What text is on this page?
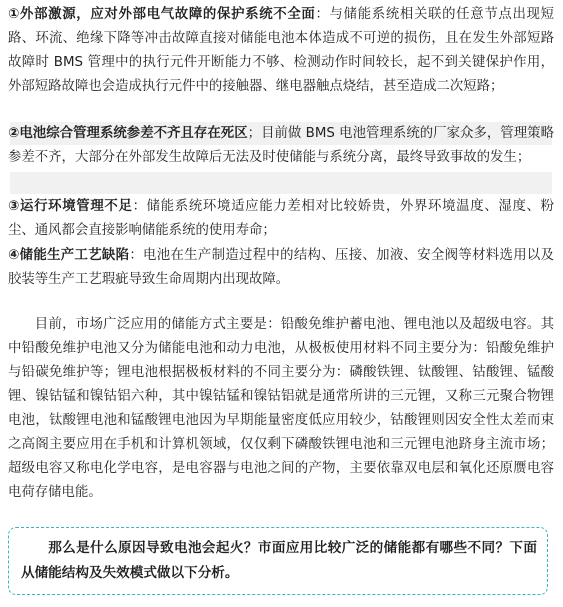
①外部激源，应对外部电气故障的保护系统不全面：与储能系统相关联的任意节点出现短路、环流、绝缘下降等冲击故障直接对储能电池本体造成不可逆的损伤，且在发生外部短路故障时 BMS 管理中的执行元件开断能力不够、检测动作时间较长，起不到关键保护作用，外部短路故障也会造成执行元件中的接触器、继电器触点烧结，甚至造成二次短路；

②电池综合管理系统参差不齐且存在死区；目前做 BMS 电池管理系统的厂家众多，管理策略参差不齐，大部分在外部发生故障后无法及时使储能与系统分离，最终导致事故的发生；

③运行环境管理不足：储能系统环境适应能力差相对比较娇贵，外界环境温度、湿度、粉尘、通风都会直接影响储能系统的使用寿命；

④储能生产工艺缺陷：电池在生产制造过程中的结构、压接、加液、安全阀等材料选用以及胶装等生产工艺瑕疵导致生命周期内出现故障。

目前，市场广泛应用的储能方式主要是：铅酸免维护蓄电池、锂电池以及超级电容。其中铅酸免维护电池又分为储能电池和动力电池，从极板使用材料不同主要分为：铅酸免维护与铅碳免维护等；锂电池根据极板材料的不同主要分为：磷酸铁锂、钛酸锂、钴酸锂、锰酸锂、镍钴锰和镍钴铝六种，其中镍钴锰和镍钴铝就是通常所讲的三元锂，又称三元聚合物锂电池，钛酸锂电池和锰酸锂电池因为早期能量密度低应用较少，钴酸锂则因安全性太差而束之高阁主要应用在手机和计算机领域，仅仅剩下磷酸铁锂电池和三元锂电池跻身主流市场；超级电容又称电化学电容，是电容器与电池之间的产物，主要依靠双电层和氧化还原赝电容电荷存储电能。

那么是什么原因导致电池会起火？市面应用比较广泛的储能都有哪些不同？下面从储能结构及失效模式做以下分析。
